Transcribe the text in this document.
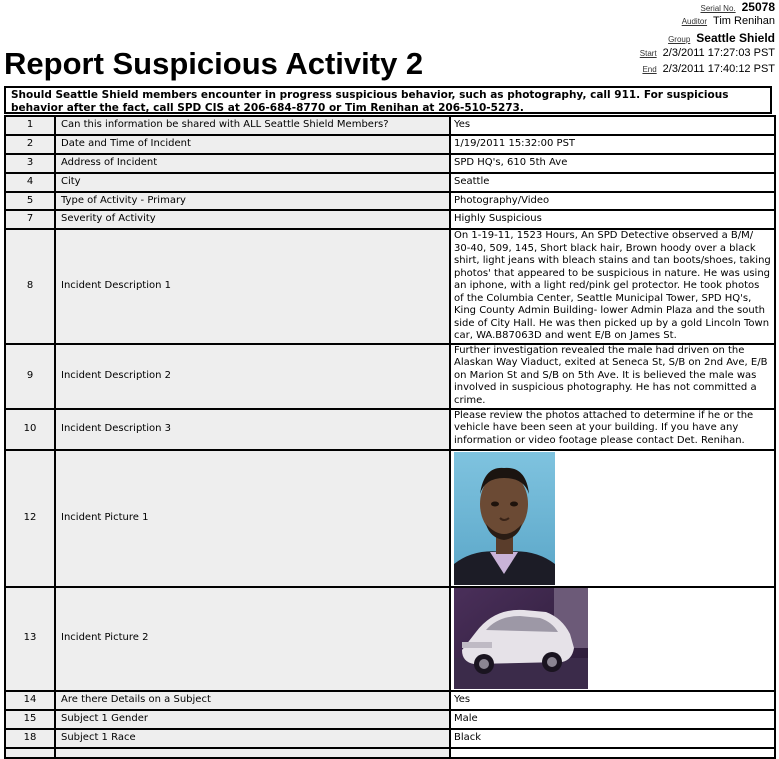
Report Suspicious Activity 2
Serial No. 25078
Auditor Tim Renihan
Group Seattle Shield
Start 2/3/2011 17:27:03 PST
End 2/3/2011 17:40:12 PST
Should Seattle Shield members encounter in progress suspicious behavior, such as photography, call 911. For suspicious behavior after the fact, call SPD CIS at 206-684-8770 or Tim Renihan at 206-510-5273.
1	Can this information be shared with ALL Seattle Shield Members?	Yes
2	Date and Time of Incident	1/19/2011 15:32:00 PST
3	Address of Incident	SPD HQ's, 610 5th Ave
4	City	Seattle
5	Type of Activity - Primary	Photography/Video
7	Severity of Activity	Highly Suspicious
8	Incident Description 1	On 1-19-11, 1523 Hours, An SPD Detective observed a B/M/ 30-40, 509, 145, Short black hair, Brown hoody over a black shirt, light jeans with bleach stains and tan boots/shoes, taking photos' that appeared to be suspicious in nature. He was using an iphone, with a light red/pink gel protector. He took photos of the Columbia Center, Seattle Municipal Tower, SPD HQ's, King County Admin Building- lower Admin Plaza and the south side of City Hall. He was then picked up by a gold Lincoln Town car, WA.B87063D and went E/B on James St.
9	Incident Description 2	Further investigation revealed the male had driven on the Alaskan Way Viaduct, exited at Seneca St, S/B on 2nd Ave, E/B on Marion St and S/B on 5th Ave. It is believed the male was involved in suspicious photography. He has not committed a crime.
10	Incident Description 3	Please review the photos attached to determine if he or the vehicle have been seen at your building. If you have any information or video footage please contact Det. Renihan.
12	Incident Picture 1	

13	Incident Picture 2	

14	Are there Details on a Subject	Yes
15	Subject 1 Gender	Male
18	Subject 1 Race	Black
